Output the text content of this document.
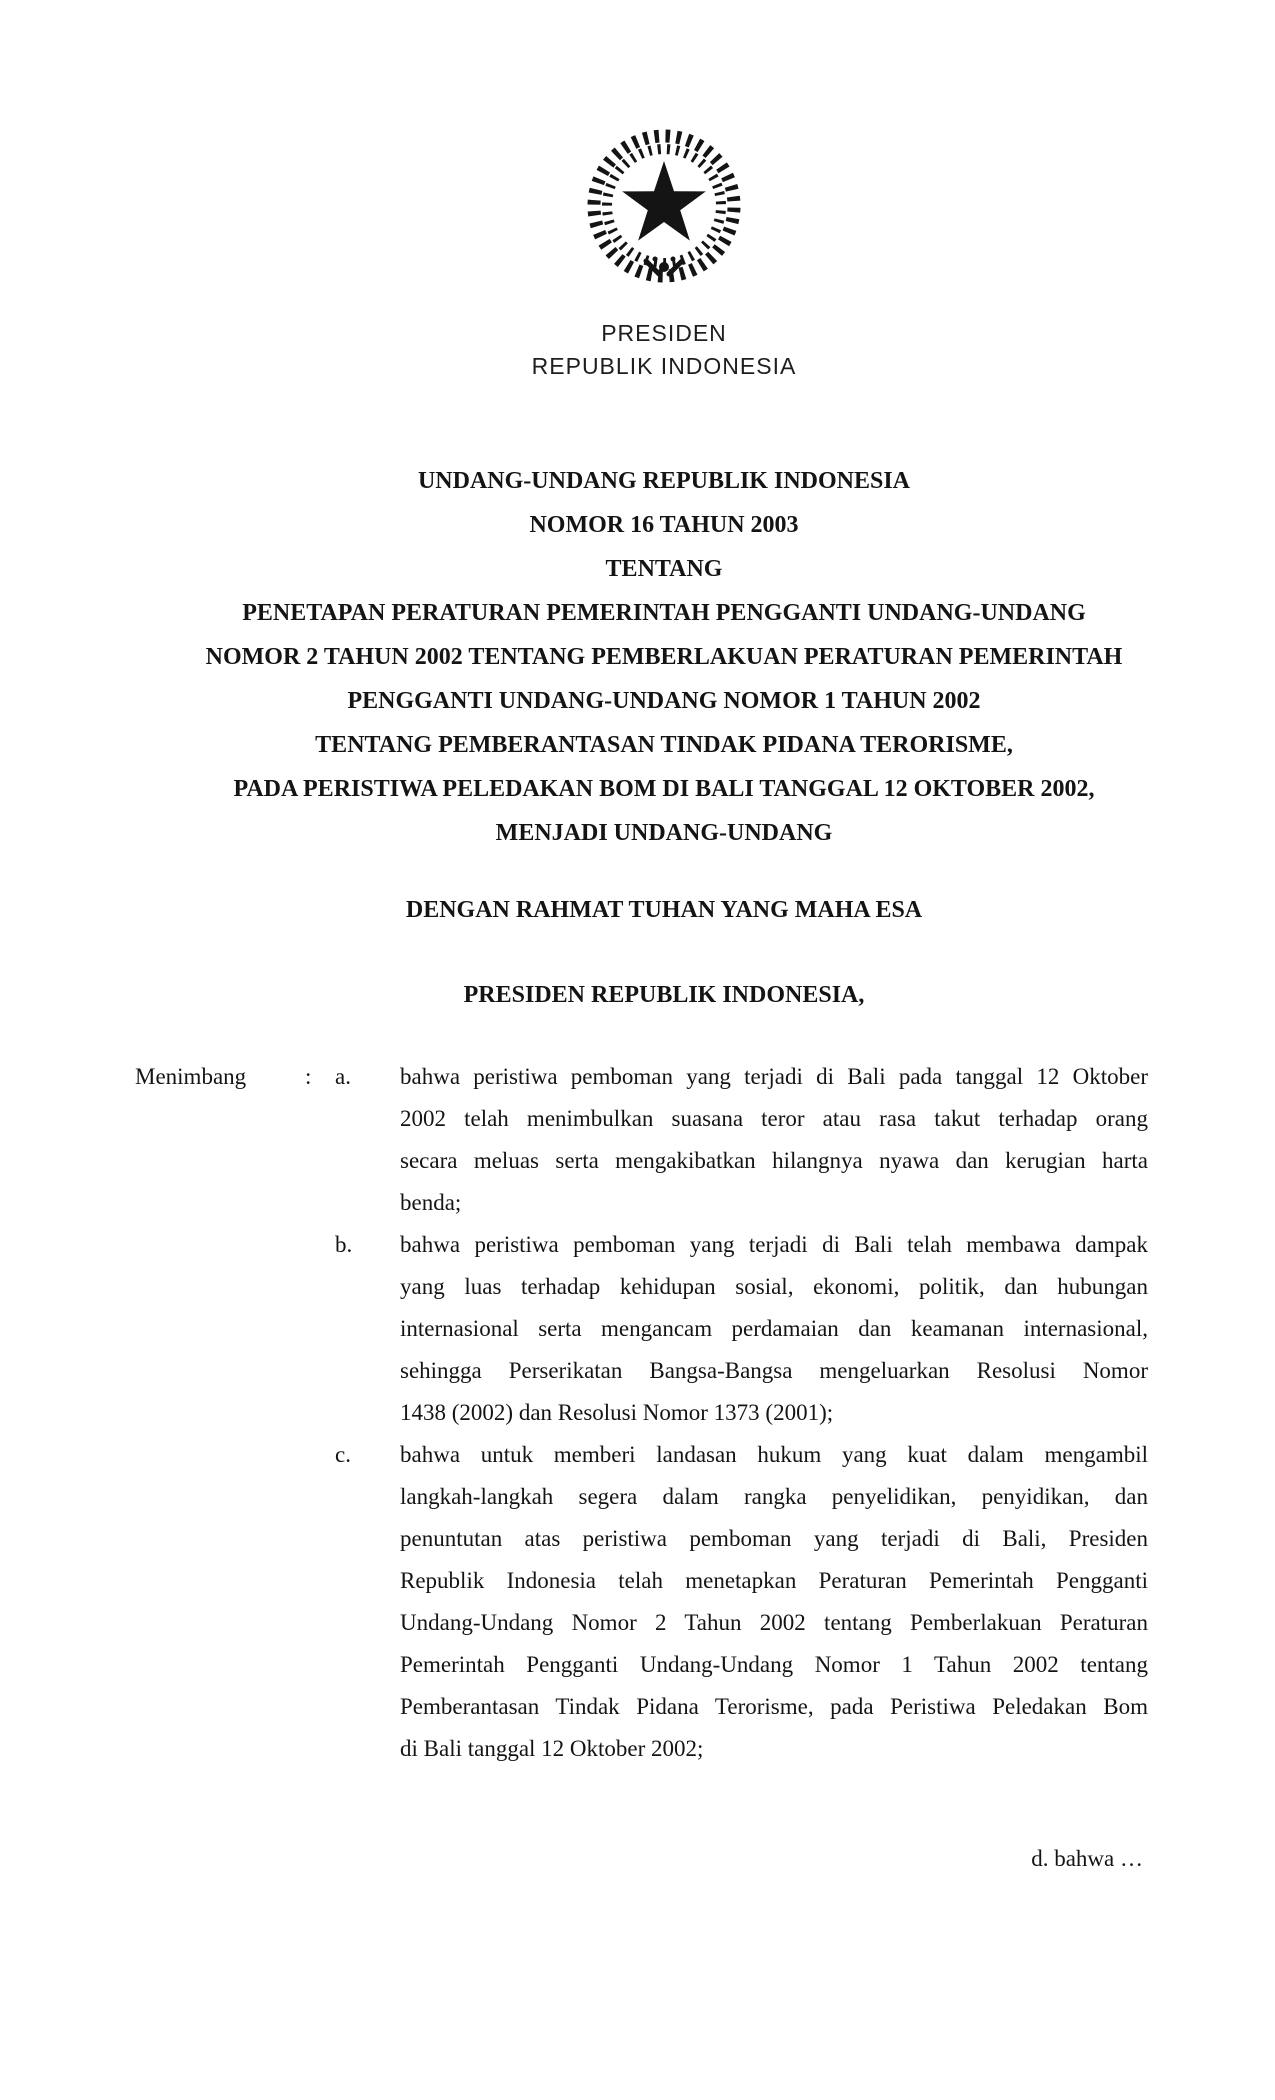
PRESIDEN
REPUBLIK INDONESIA
UNDANG-UNDANG REPUBLIK INDONESIA
NOMOR 16 TAHUN 2003
TENTANG
PENETAPAN PERATURAN PEMERINTAH PENGGANTI UNDANG-UNDANG
NOMOR 2 TAHUN 2002 TENTANG PEMBERLAKUAN PERATURAN PEMERINTAH
PENGGANTI UNDANG-UNDANG NOMOR 1 TAHUN 2002
TENTANG PEMBERANTASAN TINDAK PIDANA TERORISME,
PADA PERISTIWA PELEDAKAN BOM DI BALI TANGGAL 12 OKTOBER 2002,
MENJADI UNDANG-UNDANG
DENGAN RAHMAT TUHAN YANG MAHA ESA
PRESIDEN REPUBLIK INDONESIA,
Menimbang	:	a.	bahwa peristiwa pemboman yang terjadi di Bali pada tanggal 12 Oktober
2002 telah menimbulkan suasana teror atau rasa takut terhadap orang
secara meluas serta mengakibatkan hilangnya nyawa dan kerugian harta
benda;
b.	bahwa peristiwa pemboman yang terjadi di Bali telah membawa dampak
yang luas terhadap kehidupan sosial, ekonomi, politik, dan hubungan
internasional serta mengancam perdamaian dan keamanan internasional,
sehingga Perserikatan Bangsa-Bangsa mengeluarkan Resolusi Nomor
1438 (2002) dan Resolusi Nomor 1373 (2001);
c.	bahwa untuk memberi landasan hukum yang kuat dalam mengambil
langkah-langkah segera dalam rangka penyelidikan, penyidikan, dan
penuntutan atas peristiwa pemboman yang terjadi di Bali, Presiden
Republik Indonesia telah menetapkan Peraturan Pemerintah Pengganti
Undang-Undang Nomor 2 Tahun 2002 tentang Pemberlakuan Peraturan
Pemerintah Pengganti Undang-Undang Nomor 1 Tahun 2002 tentang
Pemberantasan Tindak Pidana Terorisme, pada Peristiwa Peledakan Bom
di Bali tanggal 12 Oktober 2002;
d. bahwa …
